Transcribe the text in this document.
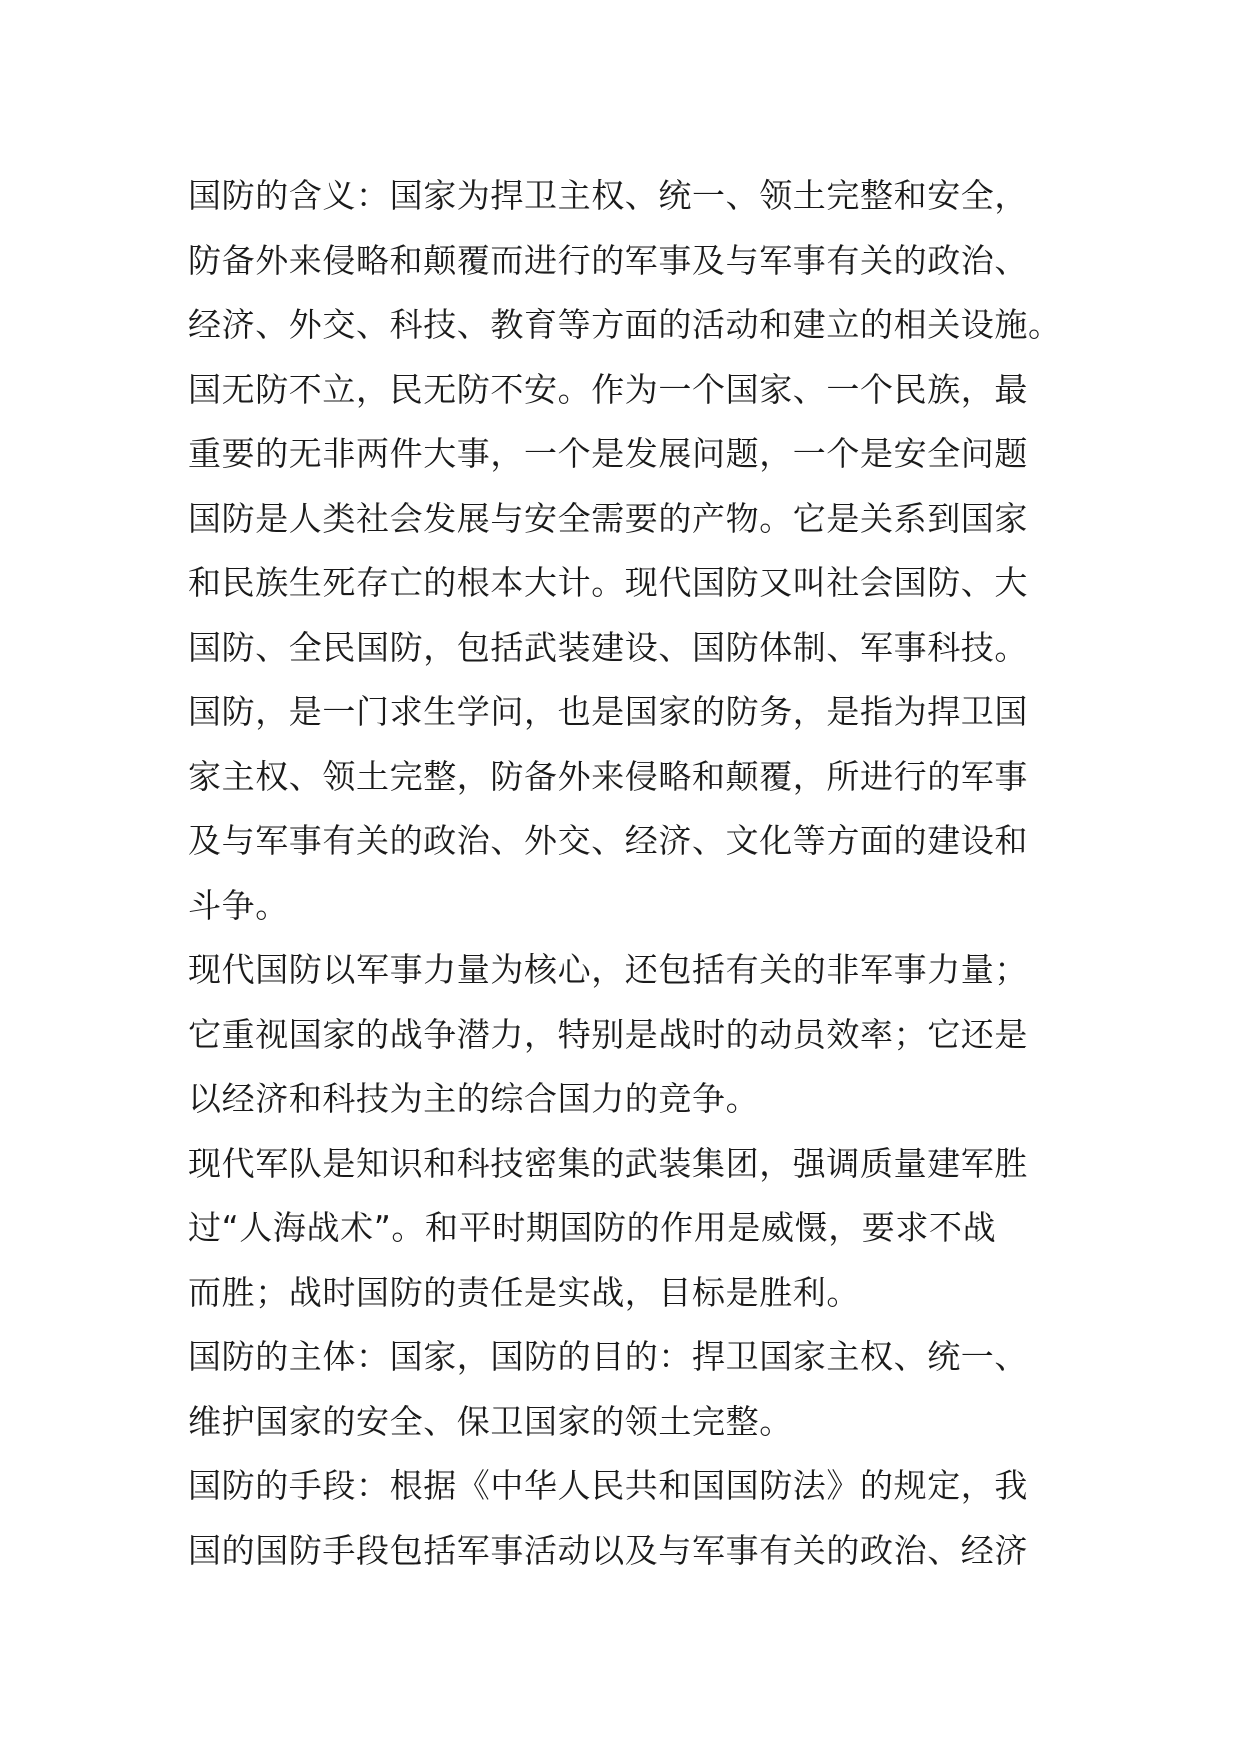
国防的含义：国家为捍卫主权、统一、领土完整和安全，
防备外来侵略和颠覆而进行的军事及与军事有关的政治、
经济、外交、科技、教育等方面的活动和建立的相关设施。
国无防不立，民无防不安。作为一个国家、一个民族，最
重要的无非两件大事，一个是发展问题，一个是安全问题
国防是人类社会发展与安全需要的产物。它是关系到国家
和民族生死存亡的根本大计。现代国防又叫社会国防、大
国防、全民国防，包括武装建设、国防体制、军事科技。
国防，是一门求生学问，也是国家的防务，是指为捍卫国
家主权、领土完整，防备外来侵略和颠覆，所进行的军事
及与军事有关的政治、外交、经济、文化等方面的建设和
斗争。
现代国防以军事力量为核心，还包括有关的非军事力量；
它重视国家的战争潜力，特别是战时的动员效率；它还是
以经济和科技为主的综合国力的竞争。
现代军队是知识和科技密集的武装集团，强调质量建军胜
过“人海战术”。和平时期国防的作用是威慑，要求不战
而胜；战时国防的责任是实战，目标是胜利。
国防的主体：国家，国防的目的：捍卫国家主权、统一、
维护国家的安全、保卫国家的领土完整。
国防的手段：根据《中华人民共和国国防法》的规定，我
国的国防手段包括军事活动以及与军事有关的政治、经济
